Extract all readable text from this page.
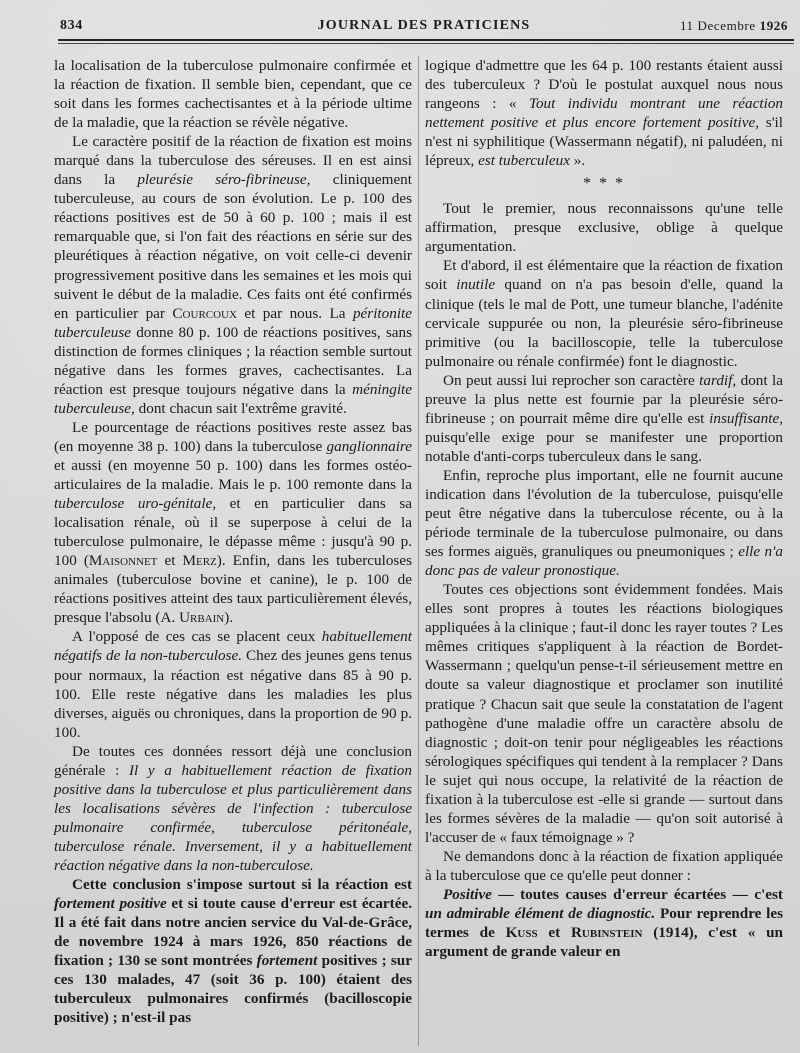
834	JOURNAL DES PRATICIENS	11 Decembre 1926

la localisation de la tuberculose pulmonaire confirmée et la réaction de fixation. Il semble bien, cependant, que ce soit dans les formes cachectisantes et à la période ultime de la maladie, que la réaction se révèle négative.

Le caractère positif de la réaction de fixation est moins marqué dans la tuberculose des séreuses. Il en est ainsi dans la pleurésie séro-fibrineuse, cliniquement tuberculeuse, au cours de son évolution. Le p. 100 des réactions positives est de 50 à 60 p. 100 ; mais il est remarquable que, si l'on fait des réactions en série sur des pleurétiques à réaction négative, on voit celle-ci devenir progressivement positive dans les semaines et les mois qui suivent le début de la maladie. Ces faits ont été confirmés en particulier par Courcoux et par nous. La péritonite tuberculeuse donne 80 p. 100 de réactions positives, sans distinction de formes cliniques ; la réaction semble surtout négative dans les formes graves, cachectisantes. La réaction est presque toujours négative dans la méningite tuberculeuse, dont chacun sait l'extrême gravité.

Le pourcentage de réactions positives reste assez bas (en moyenne 38 p. 100) dans la tuberculose ganglionnaire et aussi (en moyenne 50 p. 100) dans les formes ostéo-articulaires de la maladie. Mais le p. 100 remonte dans la tuberculose uro-génitale, et en particulier dans sa localisation rénale, où il se superpose à celui de la tuberculose pulmonaire, le dépasse même : jusqu'à 90 p. 100 (Maisonnet et Merz). Enfin, dans les tuberculoses animales (tuberculose bovine et canine), le p. 100 de réactions positives atteint des taux particulièrement élevés, presque l'absolu (A. Urbain).

A l'opposé de ces cas se placent ceux habituellement négatifs de la non-tuberculose. Chez des jeunes gens tenus pour normaux, la réaction est négative dans 85 à 90 p. 100. Elle reste négative dans les maladies les plus diverses, aiguës ou chroniques, dans la proportion de 90 p. 100.

De toutes ces données ressort déjà une conclusion générale : Il y a habituellement réaction de fixation positive dans la tuberculose et plus particulièrement dans les localisations sévères de l'infection : tuberculose pulmonaire confirmée, tuberculose péritonéale, tuberculose rénale. Inversement, il y a habituellement réaction négative dans la non-tuberculose.

Cette conclusion s'impose surtout si la réaction est fortement positive et si toute cause d'erreur est écartée. Il a été fait dans notre ancien service du Val-de-Grâce, de novembre 1924 à mars 1926, 850 réactions de fixation ; 130 se sont montrées fortement positives ; sur ces 130 malades, 47 (soit 36 p. 100) étaient des tuberculeux pulmonaires confirmés (bacilloscopie positive) ; n'est-il pas

logique d'admettre que les 64 p. 100 restants étaient aussi des tuberculeux ? D'où le postulat auxquel nous nous rangeons : « Tout individu montrant une réaction nettement positive et plus encore fortement positive, s'il n'est ni syphilitique (Wassermann négatif), ni paludéen, ni lépreux, est tuberculeux ».

* * *

Tout le premier, nous reconnaissons qu'une telle affirmation, presque exclusive, oblige à quelque argumentation.

Et d'abord, il est élémentaire que la réaction de fixation soit inutile quand on n'a pas besoin d'elle, quand la clinique (tels le mal de Pott, une tumeur blanche, l'adénite cervicale suppurée ou non, la pleurésie séro-fibrineuse primitive (ou la bacilloscopie, telle la tuberculose pulmonaire ou rénale confirmée) font le diagnostic.

On peut aussi lui reprocher son caractère tardif, dont la preuve la plus nette est fournie par la pleurésie séro-fibrineuse ; on pourrait même dire qu'elle est insuffisante, puisqu'elle exige pour se manifester une proportion notable d'anti-corps tuberculeux dans le sang.

Enfin, reproche plus important, elle ne fournit aucune indication dans l'évolution de la tuberculose, puisqu'elle peut être négative dans la tuberculose récente, ou à la période terminale de la tuberculose pulmonaire, ou dans ses formes aiguës, granuliques ou pneumoniques ; elle n'a donc pas de valeur pronostique.

Toutes ces objections sont évidemment fondées. Mais elles sont propres à toutes les réactions biologiques appliquées à la clinique ; faut-il donc les rayer toutes ? Les mêmes critiques s'appliquent à la réaction de Bordet-Wassermann ; quelqu'un pense-t-il sérieusement mettre en doute sa valeur diagnostique et proclamer son inutilité pratique ? Chacun sait que seule la constatation de l'agent pathogène d'une maladie offre un caractère absolu de diagnostic ; doit-on tenir pour négligeables les réactions sérologiques spécifiques qui tendent à la remplacer ? Dans le sujet qui nous occupe, la relativité de la réaction de fixation à la tuberculose est -elle si grande — surtout dans les formes sévères de la maladie — qu'on soit autorisé à l'accuser de « faux témoignage » ?

Ne demandons donc à la réaction de fixation appliquée à la tuberculose que ce qu'elle peut donner :

Positive — toutes causes d'erreur écartées — c'est un admirable élément de diagnostic. Pour reprendre les termes de Kuss et Rubinstein (1914), c'est « un argument de grande valeur en
